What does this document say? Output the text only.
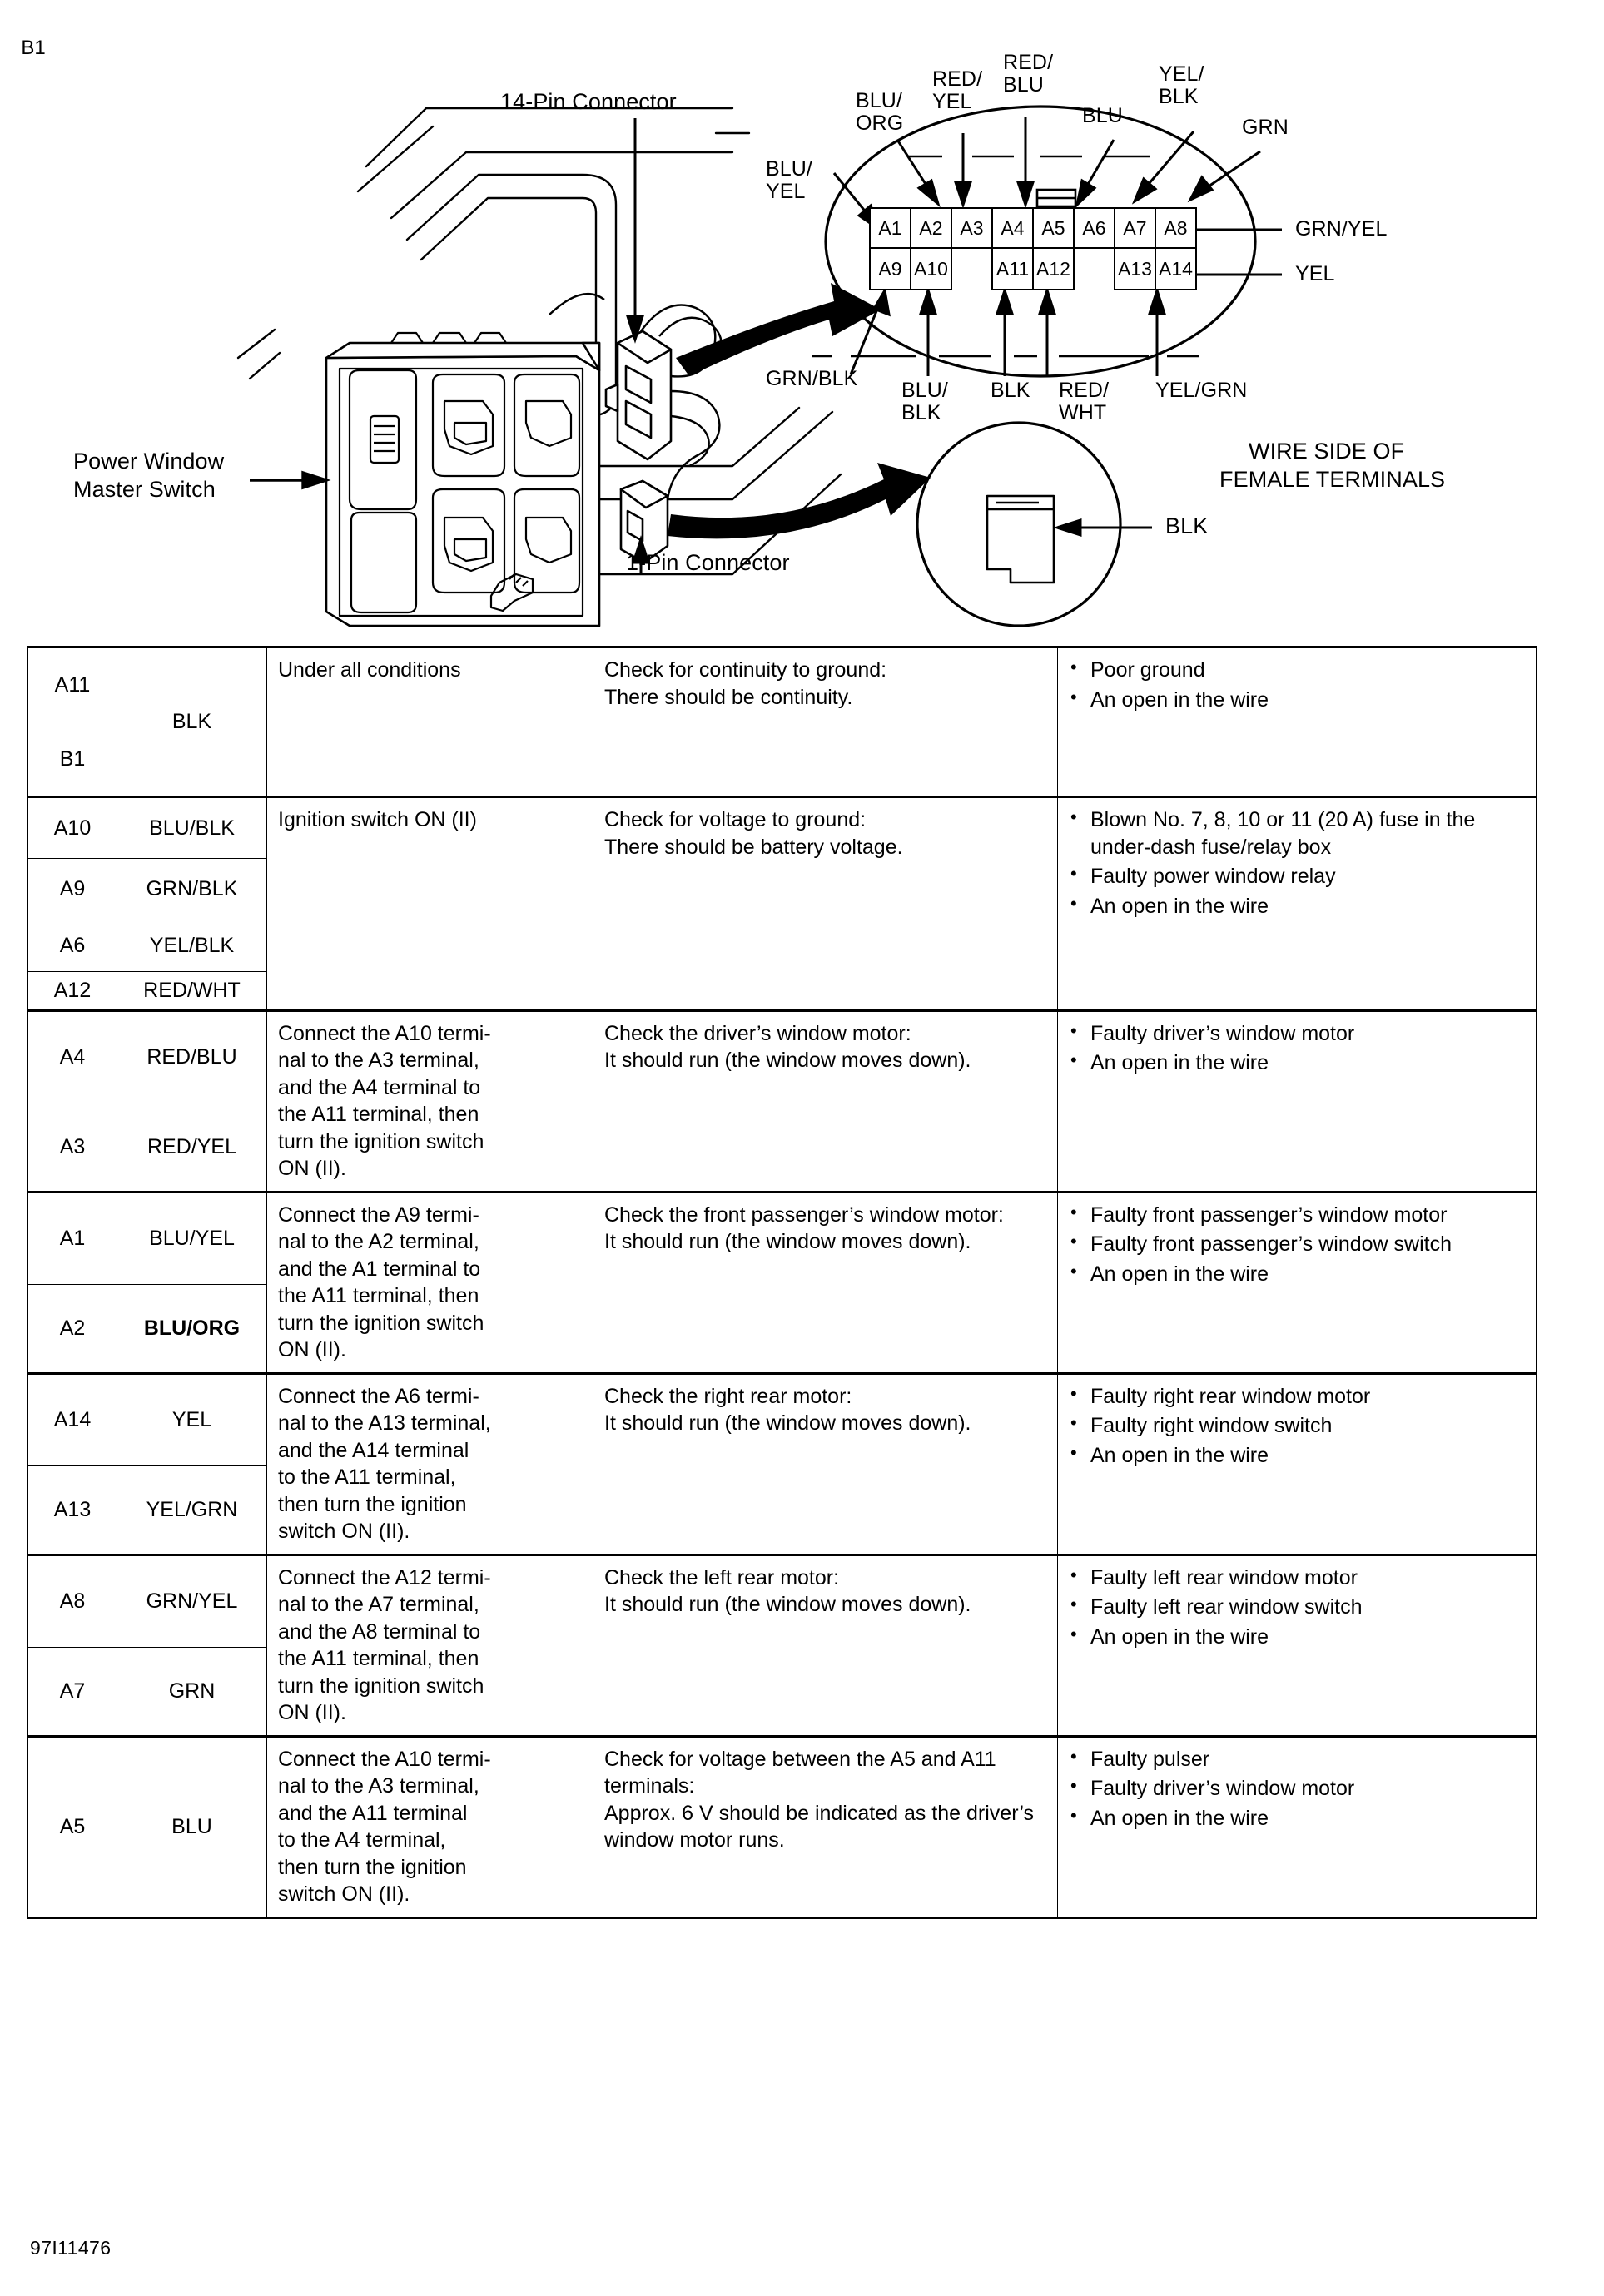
A1 A2 A3 A4 A5 A6 A7 A8
A9 A10	A11 A12 A13 A14
B1
14-Pin Connector
1-Pin Connector
Power Window
Master Switch
WIRE SIDE OF
FEMALE TERMINALS
BLU/
ORG
RED/
YEL
RED/
BLU
BLU
YEL/
BLK
GRN
BLU/
YEL
GRN/YEL
YEL
GRN/BLK BLU/
BLK
BLK RED/
WHT
YEL/GRN
BLK
A11	BLK	Under all conditions	Check for continuity to ground:
There should be continuity.	
• Poor ground
• An open in the wire

B1				
A10	BLU/BLK	Ignition switch ON (II)	Check for voltage to ground:
There should be battery voltage.	
• Blown No. 7, 8, 10 or 11 (20 A) fuse in the under-dash fuse/relay box
• Faulty power window relay
• An open in the wire

A9	GRN/BLK			
A6	YEL/BLK			
A12	RED/WHT			
A4	RED/BLU	Connect the A10 termi-
nal to the A3 terminal,
and the A4 terminal to
the A11 terminal, then
turn the ignition switch
ON (II).	Check the driver’s window motor:
It should run (the window moves down).	
• Faulty driver’s window motor
• An open in the wire

A3	RED/YEL			
A1	BLU/YEL	Connect the A9 termi-
nal to the A2 terminal,
and the A1 terminal to
the A11 terminal, then
turn the ignition switch
ON (II).	Check the front passenger’s window motor:
It should run (the window moves down).	
• Faulty front passenger’s window motor
• Faulty front passenger’s window switch
• An open in the wire

A2	BLU/ORG			
A14	YEL	Connect the A6 termi-
nal to the A13 terminal,
and the A14 terminal
to the A11 terminal,
then turn the ignition
switch ON (II).	Check the right rear motor:
It should run (the window moves down).	
• Faulty right rear window motor
• Faulty right window switch
• An open in the wire

A13	YEL/GRN			
A8	GRN/YEL	Connect the A12 termi-
nal to the A7 terminal,
and the A8 terminal to
the A11 terminal, then
turn the ignition switch
ON (II).	Check the left rear motor:
It should run (the window moves down).	
• Faulty left rear window motor
• Faulty left rear window switch
• An open in the wire

A7	GRN			
A5	BLU	Connect the A10 termi-
nal to the A3 terminal,
and the A11 terminal
to the A4 terminal,
then turn the ignition
switch ON (II).	Check for voltage between the A5 and A11 terminals:
Approx. 6 V should be indicated as the driver’s window motor runs.	
• Faulty pulser
• Faulty driver’s window motor
• An open in the wire
97I11476
